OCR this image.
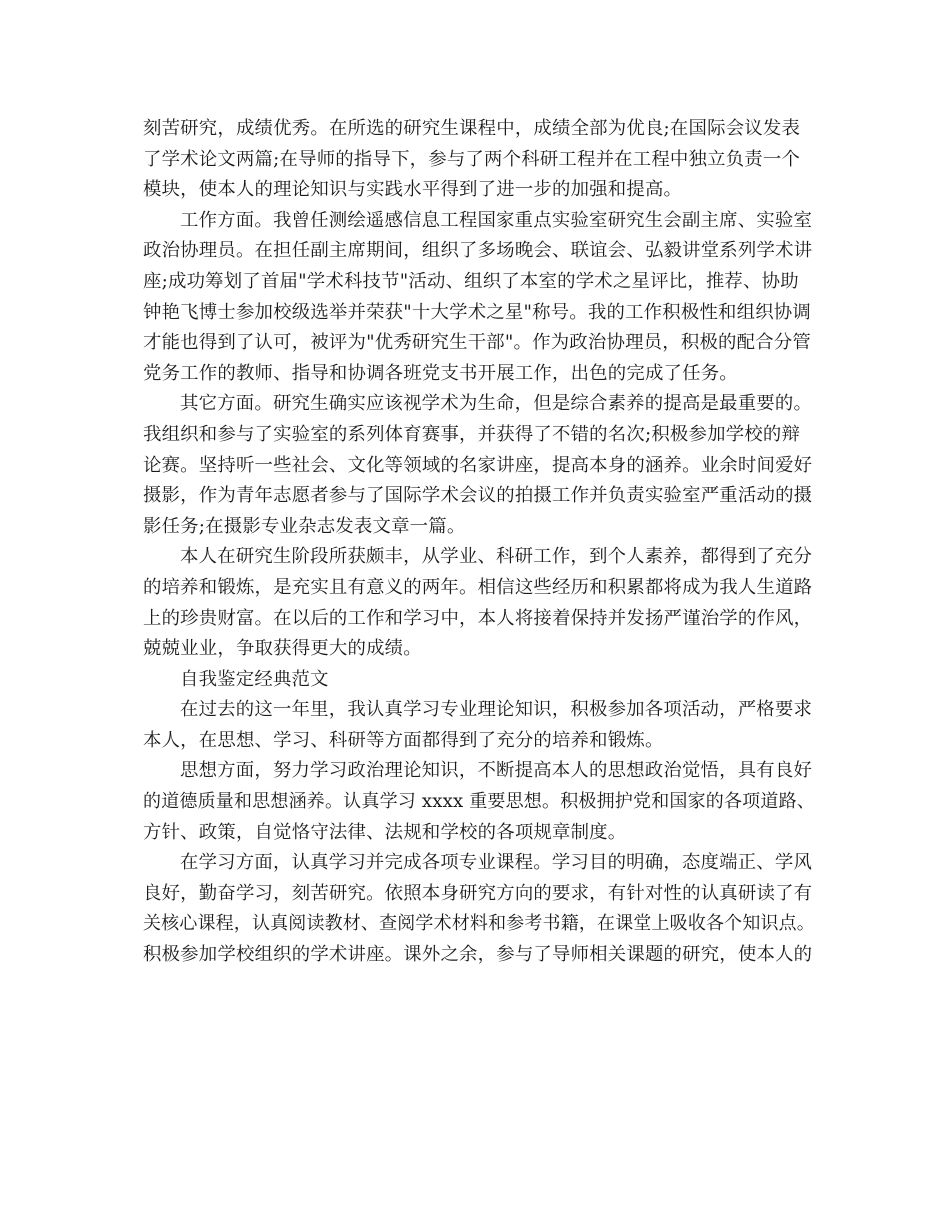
刻苦研究，成绩优秀。在所选的研究生课程中，成绩全部为优良;在国际会议发表
了学术论文两篇;在导师的指导下，参与了两个科研工程并在工程中独立负责一个
模块，使本人的理论知识与实践水平得到了进一步的加强和提高。
工作方面。我曾任测绘遥感信息工程国家重点实验室研究生会副主席、实验室
政治协理员。在担任副主席期间，组织了多场晚会、联谊会、弘毅讲堂系列学术讲
座;成功筹划了首届"学术科技节"活动、组织了本室的学术之星评比，推荐、协助
钟艳飞博士参加校级选举并荣获"十大学术之星"称号。我的工作积极性和组织协调
才能也得到了认可，被评为"优秀研究生干部"。作为政治协理员，积极的配合分管
党务工作的教师、指导和协调各班党支书开展工作，出色的完成了任务。
其它方面。研究生确实应该视学术为生命，但是综合素养的提高是最重要的。
我组织和参与了实验室的系列体育赛事，并获得了不错的名次;积极参加学校的辩
论赛。坚持听一些社会、文化等领域的名家讲座，提高本身的涵养。业余时间爱好
摄影，作为青年志愿者参与了国际学术会议的拍摄工作并负责实验室严重活动的摄
影任务;在摄影专业杂志发表文章一篇。
本人在研究生阶段所获颇丰，从学业、科研工作，到个人素养，都得到了充分
的培养和锻炼，是充实且有意义的两年。相信这些经历和积累都将成为我人生道路
上的珍贵财富。在以后的工作和学习中，本人将接着保持并发扬严谨治学的作风，
兢兢业业，争取获得更大的成绩。
自我鉴定经典范文
在过去的这一年里，我认真学习专业理论知识，积极参加各项活动，严格要求
本人，在思想、学习、科研等方面都得到了充分的培养和锻炼。
思想方面，努力学习政治理论知识，不断提高本人的思想政治觉悟，具有良好
的道德质量和思想涵养。认真学习 xxxx 重要思想。积极拥护党和国家的各项道路、
方针、政策，自觉恪守法律、法规和学校的各项规章制度。
在学习方面，认真学习并完成各项专业课程。学习目的明确，态度端正、学风
良好，勤奋学习，刻苦研究。依照本身研究方向的要求，有针对性的认真研读了有
关核心课程，认真阅读教材、查阅学术材料和参考书籍，在课堂上吸收各个知识点。
积极参加学校组织的学术讲座。课外之余，参与了导师相关课题的研究，使本人的
